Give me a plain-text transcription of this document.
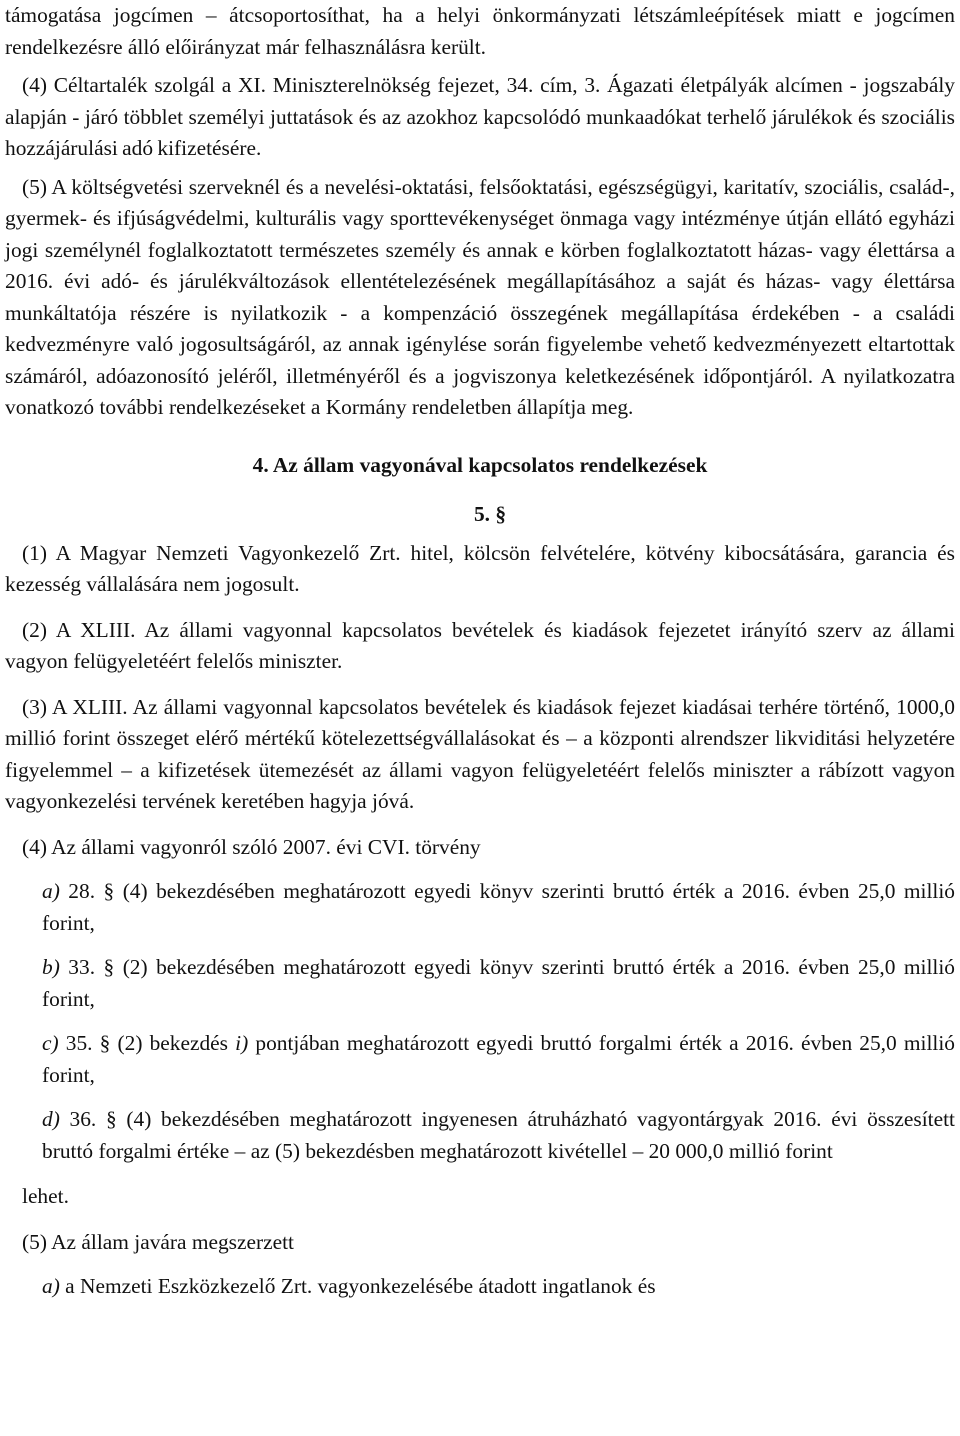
támogatása jogcímen – átcsoportosíthat, ha a helyi önkormányzati létszámleépítések miatt e jogcímen rendelkezésre álló előirányzat már felhasználásra került.

(4) Céltartalék szolgál a XI. Miniszterelnökség fejezet, 34. cím, 3. Ágazati életpályák alcímen - jogszabály alapján - járó többlet személyi juttatások és az azokhoz kapcsolódó munkaadókat terhelő járulékok és szociális hozzájárulási adó kifizetésére.

(5) A költségvetési szerveknél és a nevelési-oktatási, felsőoktatási, egészségügyi, karitatív, szociális, család-, gyermek- és ifjúságvédelmi, kulturális vagy sporttevékenységet önmaga vagy intézménye útján ellátó egyházi jogi személynél foglalkoztatott természetes személy és annak e körben foglalkoztatott házas- vagy élettársa a 2016. évi adó- és járulékváltozások ellentételezésének megállapításához a saját és házas- vagy élettársa munkáltatója részére is nyilatkozik - a kompenzáció összegének megállapítása érdekében - a családi kedvezményre való jogosultságáról, az annak igénylése során figyelembe vehető kedvezményezett eltartottak számáról, adóazonosító jeléről, illetményéről és a jogviszonya keletkezésének időpontjáról. A nyilatkozatra vonatkozó további rendelkezéseket a Kormány rendeletben állapítja meg.

4. Az állam vagyonával kapcsolatos rendelkezések

5. §

(1) A Magyar Nemzeti Vagyonkezelő Zrt. hitel, kölcsön felvételére, kötvény kibocsátására, garancia és kezesség vállalására nem jogosult.

(2) A XLIII. Az állami vagyonnal kapcsolatos bevételek és kiadások fejezetet irányító szerv az állami vagyon felügyeletéért felelős miniszter.

(3) A XLIII. Az állami vagyonnal kapcsolatos bevételek és kiadások fejezet kiadásai terhére történő, 1000,0 millió forint összeget elérő mértékű kötelezettségvállalásokat és – a központi alrendszer likviditási helyzetére figyelemmel – a kifizetések ütemezését az állami vagyon felügyeletéért felelős miniszter a rábízott vagyon vagyonkezelési tervének keretében hagyja jóvá.

(4) Az állami vagyonról szóló 2007. évi CVI. törvény

a) 28. § (4) bekezdésében meghatározott egyedi könyv szerinti bruttó érték a 2016. évben 25,0 millió forint,

b) 33. § (2) bekezdésében meghatározott egyedi könyv szerinti bruttó érték a 2016. évben 25,0 millió forint,

c) 35. § (2) bekezdés i) pontjában meghatározott egyedi bruttó forgalmi érték a 2016. évben 25,0 millió forint,

d) 36. § (4) bekezdésében meghatározott ingyenesen átruházható vagyontárgyak 2016. évi összesített bruttó forgalmi értéke – az (5) bekezdésben meghatározott kivétellel – 20 000,0 millió forint

lehet.

(5) Az állam javára megszerzett

a) a Nemzeti Eszközkezelő Zrt. vagyonkezelésébe átadott ingatlanok és
